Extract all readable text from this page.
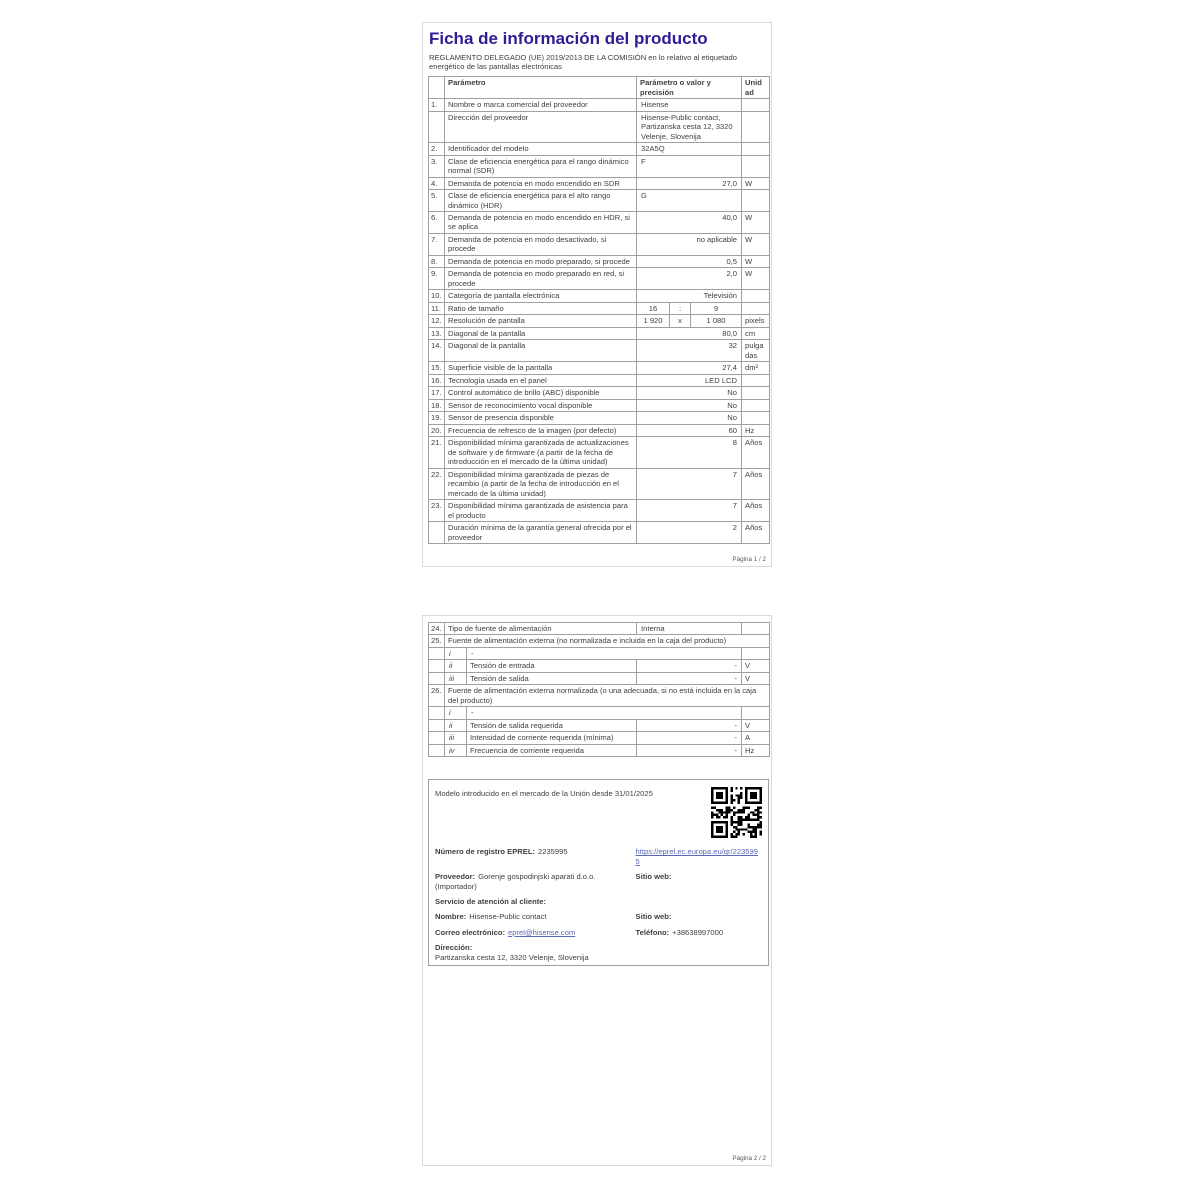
Ficha de información del producto
REGLAMENTO DELEGADO (UE) 2019/2013 DE LA COMISIÓN en lo relativo al etiquetado energético de las pantallas electrónicas
	Parámetro	Parámetro o valor y precisión			Unidad
1.	Nombre o marca comercial del proveedor	Hisense			
	Dirección del proveedor	Hisense-Public contact, Partizanska cesta 12, 3320 Velenje, Slovenija			
2.	Identificador del modelo	32A5Q			
3.	Clase de eficiencia energética para el rango dinámico normal (SDR)	F			
4.	Demanda de potencia en modo encendido en SDR	27,0			W
5.	Clase de eficiencia energética para el alto rango dinámico (HDR)	G			
6.	Demanda de potencia en modo encendido en HDR, si se aplica	40,0			W
7.	Demanda de potencia en modo desactivado, si procede	no aplicable			W
8.	Demanda de potencia en modo preparado, si procede	0,5			W
9.	Demanda de potencia en modo preparado en red, si procede	2,0			W
10.	Categoría de pantalla electrónica	Televisión			
11.	Ratio de tamaño	16	:	9	
12.	Resolución de pantalla	1 920	x	1 080	pixels
13.	Diagonal de la pantalla	80,0			cm
14.	Diagonal de la pantalla	32			pulgadas
15.	Superficie visible de la pantalla	27,4			dm²
16.	Tecnología usada en el panel	LED LCD			
17.	Control automático de brillo (ABC) disponible	No			
18.	Sensor de reconocimiento vocal disponible	No			
19.	Sensor de presencia disponible	No			
20.	Frecuencia de refresco de la imagen (por defecto)	60			Hz
21.	Disponibilidad mínima garantizada de actualizaciones de software y de firmware (a partir de la fecha de introducción en el mercado de la última unidad)	8			Años
22.	Disponibilidad mínima garantizada de piezas de recambio (a partir de la fecha de introducción en el mercado de la última unidad)	7			Años
23.	Disponibilidad mínima garantizada de asistencia para el producto	7			Años
	Duración mínima de la garantía general ofrecida por el proveedor	2			Años
Página 1 / 2
24.	Tipo de fuente de alimentación		Interna	
25.	Fuente de alimentación externa (no normalizada e incluida en la caja del producto)			
	i	-		
	ii	Tensión de entrada	-	V
	iii	Tensión de salida	-	V
26.	Fuente de alimentación externa normalizada (o una adecuada, si no está incluida en la caja del producto)			
	i	-		
	ii	Tensión de salida requerida	-	V
	iii	Intensidad de corriente requerida (mínima)	-	A
	iv	Frecuencia de corriente requerida	-	Hz
Modelo introducido en el mercado de la Unión desde 31/01/2025
Número de registro EPREL: 2235995	https://eprel.ec.europa.eu/qr/2235995
Proveedor: Gorenje gospodinjski aparati d.o.o. (Importador)
Sitio web:
Servicio de atención al cliente:
Nombre: Hisense-Public contact	Sitio web:
Correo electrónico: eprel@hisense.com	Teléfono: +38638997000
Dirección:
Partizanska cesta 12, 3320 Velenje, Slovenija
Página 2 / 2
